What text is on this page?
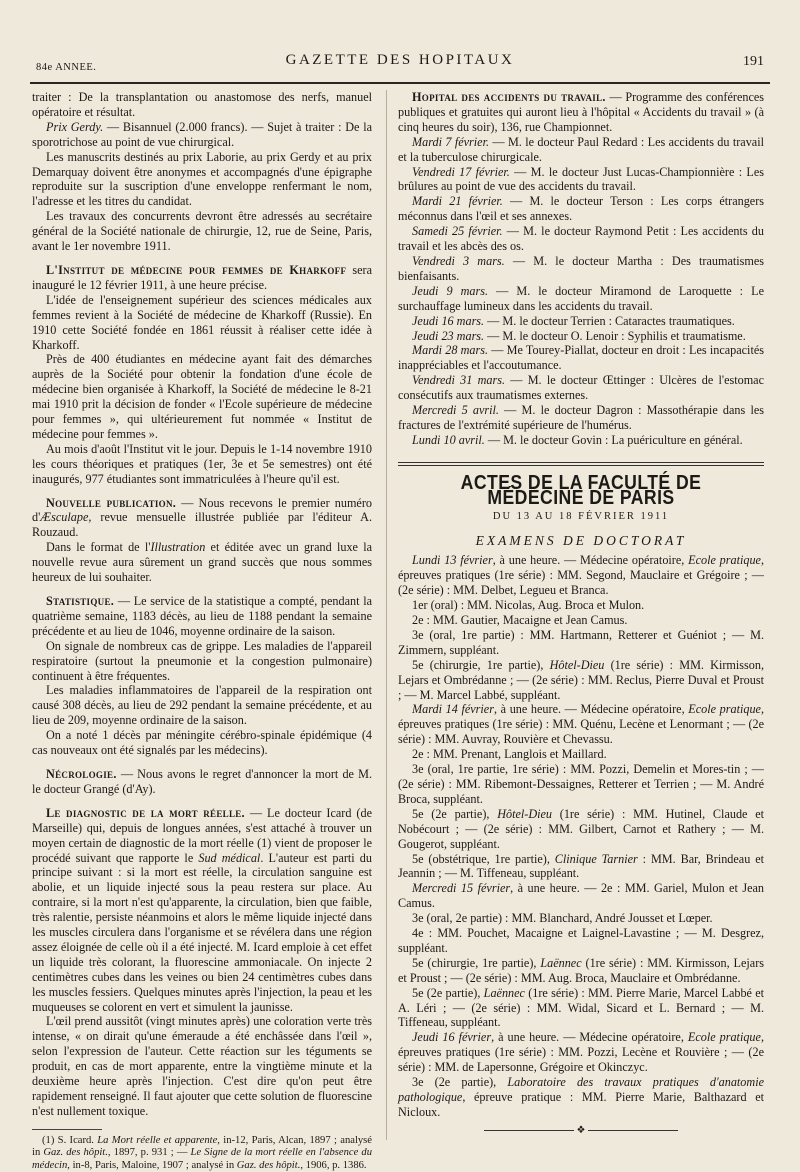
84e ANNEE.	GAZETTE DES HOPITAUX	191

traiter : De la transplantation ou anastomose des nerfs, manuel opératoire et résultat.

Prix Gerdy. — Bisannuel (2.000 francs). — Sujet à traiter : De la sporotrichose au point de vue chirurgical.

Les manuscrits destinés au prix Laborie, au prix Gerdy et au prix Demarquay doivent être anonymes et accompagnés d'une épigraphe reproduite sur la suscription d'une enveloppe renfermant le nom, l'adresse et les titres du candidat.

Les travaux des concurrents devront être adressés au secrétaire général de la Société nationale de chirurgie, 12, rue de Seine, Paris, avant le 1er novembre 1911.

L'Institut de médecine pour femmes de Kharkoff sera inauguré le 12 février 1911, à une heure précise.

L'idée de l'enseignement supérieur des sciences médicales aux femmes revient à la Société de médecine de Kharkoff (Russie). En 1910 cette Société fondée en 1861 réussit à réaliser cette idée à Kharkoff.

Près de 400 étudiantes en médecine ayant fait des démarches auprès de la Société pour obtenir la fondation d'une école de médecine bien organisée à Kharkoff, la Société de médecine le 8-21 mai 1910 prit la décision de fonder « l'Ecole supérieure de médecine pour femmes », qui ultérieurement fut nommée « Institut de médecine pour femmes ».

Au mois d'août l'Institut vit le jour. Depuis le 1-14 novembre 1910 les cours théoriques et pratiques (1er, 3e et 5e semestres) ont été inaugurés, 977 étudiantes sont immatriculées à l'heure qu'il est.

Nouvelle publication. — Nous recevons le premier numéro d'Æsculape, revue mensuelle illustrée publiée par l'éditeur A. Rouzaud.

Dans le format de l'Illustration et éditée avec un grand luxe la nouvelle revue aura sûrement un grand succès que nous sommes heureux de lui souhaiter.

Statistique. — Le service de la statistique a compté, pendant la quatrième semaine, 1183 décès, au lieu de 1188 pendant la semaine précédente et au lieu de 1046, moyenne ordinaire de la saison.

On signale de nombreux cas de grippe. Les maladies de l'appareil respiratoire (surtout la pneumonie et la congestion pulmonaire) continuent à être fréquentes.

Les maladies inflammatoires de l'appareil de la respiration ont causé 308 décès, au lieu de 292 pendant la semaine précédente, et au lieu de 209, moyenne ordinaire de la saison.

On a noté 1 décès par méningite cérébro-spinale épidémique (4 cas nouveaux ont été signalés par les médecins).

Nécrologie. — Nous avons le regret d'annoncer la mort de M. le docteur Grangé (d'Ay).

Le diagnostic de la mort réelle. — Le docteur Icard (de Marseille) qui, depuis de longues années, s'est attaché à trouver un moyen certain de diagnostic de la mort réelle (1) vient de proposer le procédé suivant que rapporte le Sud médical. L'auteur est parti du principe suivant : si la mort est réelle, la circulation sanguine est abolie, et un liquide injecté sous la peau restera sur place. Au contraire, si la mort n'est qu'apparente, la circulation, bien que faible, très ralentie, persiste néanmoins et alors le même liquide injecté dans les muscles circulera dans l'organisme et se révélera dans une région assez éloignée de celle où il a été injecté. M. Icard emploie à cet effet un liquide très colorant, la fluorescine ammoniacale. On injecte 2 centimètres cubes dans les veines ou bien 24 centimètres cubes dans les muscles fessiers. Quelques minutes après l'injection, la peau et les muqueuses se colorent en vert et simulent la jaunisse.

L'œil prend aussitôt (vingt minutes après) une coloration verte très intense, « on dirait qu'une émeraude a été enchâssée dans l'œil », selon l'expression de l'auteur. Cette réaction sur les téguments se produit, en cas de mort apparente, entre la vingtième minute et la deuxième heure après l'injection. C'est dire qu'on peut être rapidement renseigné. Il faut ajouter que cette solution de fluorescine n'est nullement toxique.

(1) S. Icard. La Mort réelle et apparente, in-12, Paris, Alcan, 1897 ; analysé in Gaz. des hôpit., 1897, p. 931 ; — Le Signe de la mort réelle en l'absence du médecin, in-8, Paris, Maloine, 1907 ; analysé in Gaz. des hôpit., 1906, p. 1386.

Hopital des accidents du travail. — Programme des conférences publiques et gratuites qui auront lieu à l'hôpital « Accidents du travail » (à cinq heures du soir), 136, rue Championnet.

Mardi 7 février. — M. le docteur Paul Redard : Les accidents du travail et la tuberculose chirurgicale.

Vendredi 17 février. — M. le docteur Just Lucas-Championnière : Les brûlures au point de vue des accidents du travail.

Mardi 21 février. — M. le docteur Terson : Les corps étrangers méconnus dans l'œil et ses annexes.

Samedi 25 février. — M. le docteur Raymond Petit : Les accidents du travail et les abcès des os.

Vendredi 3 mars. — M. le docteur Martha : Des traumatismes bienfaisants.

Jeudi 9 mars. — M. le docteur Miramond de Laroquette : Le surchauffage lumineux dans les accidents du travail.

Jeudi 16 mars. — M. le docteur Terrien : Cataractes traumatiques.

Jeudi 23 mars. — M. le docteur O. Lenoir : Syphilis et traumatisme.

Mardi 28 mars. — Me Tourey-Piallat, docteur en droit : Les incapacités inappréciables et l'accoutumance.

Vendredi 31 mars. — M. le docteur Œttinger : Ulcères de l'estomac consécutifs aux traumatismes externes.

Mercredi 5 avril. — M. le docteur Dagron : Massothérapie dans les fractures de l'extrémité supérieure de l'humérus.

Lundi 10 avril. — M. le docteur Govin : La puériculture en général.

ACTES DE LA FACULTÉ DE MÉDECINE DE PARIS

DU 13 AU 18 FÉVRIER 1911

EXAMENS DE DOCTORAT

Lundi 13 février, à une heure. — Médecine opératoire, Ecole pratique, épreuves pratiques (1re série) : MM. Segond, Mauclaire et Grégoire ; — (2e série) : MM. Delbet, Legueu et Branca.

1er (oral) : MM. Nicolas, Aug. Broca et Mulon.

2e : MM. Gautier, Macaigne et Jean Camus.

3e (oral, 1re partie) : MM. Hartmann, Retterer et Guéniot ; — M. Zimmern, suppléant.

5e (chirurgie, 1re partie), Hôtel-Dieu (1re série) : MM. Kirmisson, Lejars et Ombrédanne ; — (2e série) : MM. Reclus, Pierre Duval et Proust ; — M. Marcel Labbé, suppléant.

Mardi 14 février, à une heure. — Médecine opératoire, Ecole pratique, épreuves pratiques (1re série) : MM. Quénu, Lecène et Lenormant ; — (2e série) : MM. Auvray, Rouvière et Chevassu.

2e : MM. Prenant, Langlois et Maillard.

3e (oral, 1re partie, 1re série) : MM. Pozzi, Demelin et Mores-tin ; — (2e série) : MM. Ribemont-Dessaignes, Retterer et Terrien ; — M. André Broca, suppléant.

5e (2e partie), Hôtel-Dieu (1re série) : MM. Hutinel, Claude et Nobécourt ; — (2e série) : MM. Gilbert, Carnot et Rathery ; — M. Gougerot, suppléant.

5e (obstétrique, 1re partie), Clinique Tarnier : MM. Bar, Brindeau et Jeannin ; — M. Tiffeneau, suppléant.

Mercredi 15 février, à une heure. — 2e : MM. Gariel, Mulon et Jean Camus.

3e (oral, 2e partie) : MM. Blanchard, André Jousset et Lœper.

4e : MM. Pouchet, Macaigne et Laignel-Lavastine ; — M. Desgrez, suppléant.

5e (chirurgie, 1re partie), Laënnec (1re série) : MM. Kirmisson, Lejars et Proust ; — (2e série) : MM. Aug. Broca, Mauclaire et Ombrédanne.

5e (2e partie), Laënnec (1re série) : MM. Pierre Marie, Marcel Labbé et A. Léri ; — (2e série) : MM. Widal, Sicard et L. Bernard ; — M. Tiffeneau, suppléant.

Jeudi 16 février, à une heure. — Médecine opératoire, Ecole pratique, épreuves pratiques (1re série) : MM. Pozzi, Lecène et Rouvière ; — (2e série) : MM. de Lapersonne, Grégoire et Okinczyc.

3e (2e partie), Laboratoire des travaux pratiques d'anatomie pathologique, épreuve pratique : MM. Pierre Marie, Balthazard et Nicloux.

❖
